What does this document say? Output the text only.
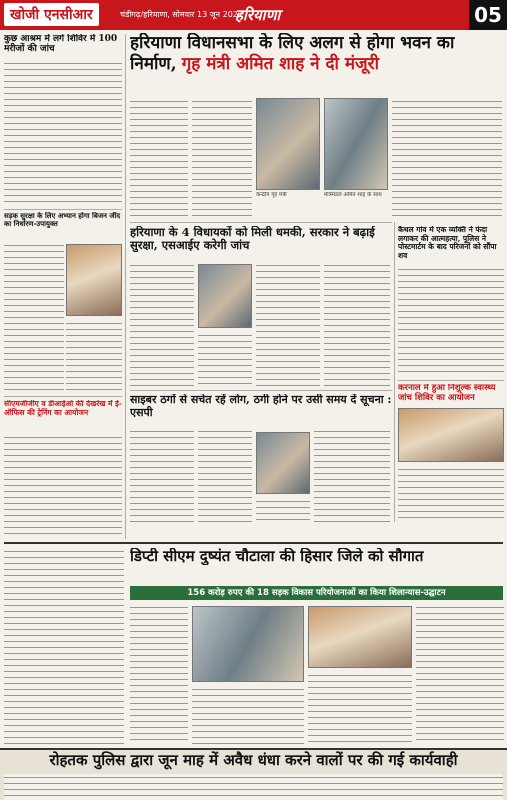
खोजी एनसीआर	चंडीगढ़/हरियाणा, सोमवार 13 जून 2022
हरियाणा	05
कुछ आश्रम में लगे शिविर में 100 मरीजों की जांच
सड़क सुरक्षा के लिए अभ्यान होगा बिजन जींद का निर्धारण-उपायुक्त
सीएमजीजीए व डीआईओ की देखरेख में ई-ऑफिस की ट्रेनिंग का आयोजन
हरियाणा विधानसभा के लिए अलग से होगा भवन का निर्माण, गृह मंत्री अमित शाह ने दी मंजूरी
केन्द्रीय गृह मंत्री	मंत्रिमंडल अमित शाह के साथ
हरियाणा के 4 विधायकों को मिली धमकी, सरकार ने बढ़ाई सुरक्षा, एसआईए करेगी जांच
कैथल गांव में एक व्यक्ति ने फंदा लगाकर की आत्महत्या, पुलिस ने पोस्टमार्टम के बाद परिजनों को सौंपा शव
करनाल में हुआ निशुल्क स्वास्थ्य जांच शिविर का आयोजन
साइबर ठगों से सचेत रहें लोग, ठगी होने पर उसी समय दें सूचना : एसपी
डिप्टी सीएम दुष्यंत चौटाला की हिसार जिले को सौगात
156 करोड़ रुपए की 18 सड़क विकास परियोजनाओं का किया शिलान्यास-उद्घाटन
रोहतक पुलिस द्वारा जून माह में अवैध धंधा करने वालों पर की गई कार्यवाही
